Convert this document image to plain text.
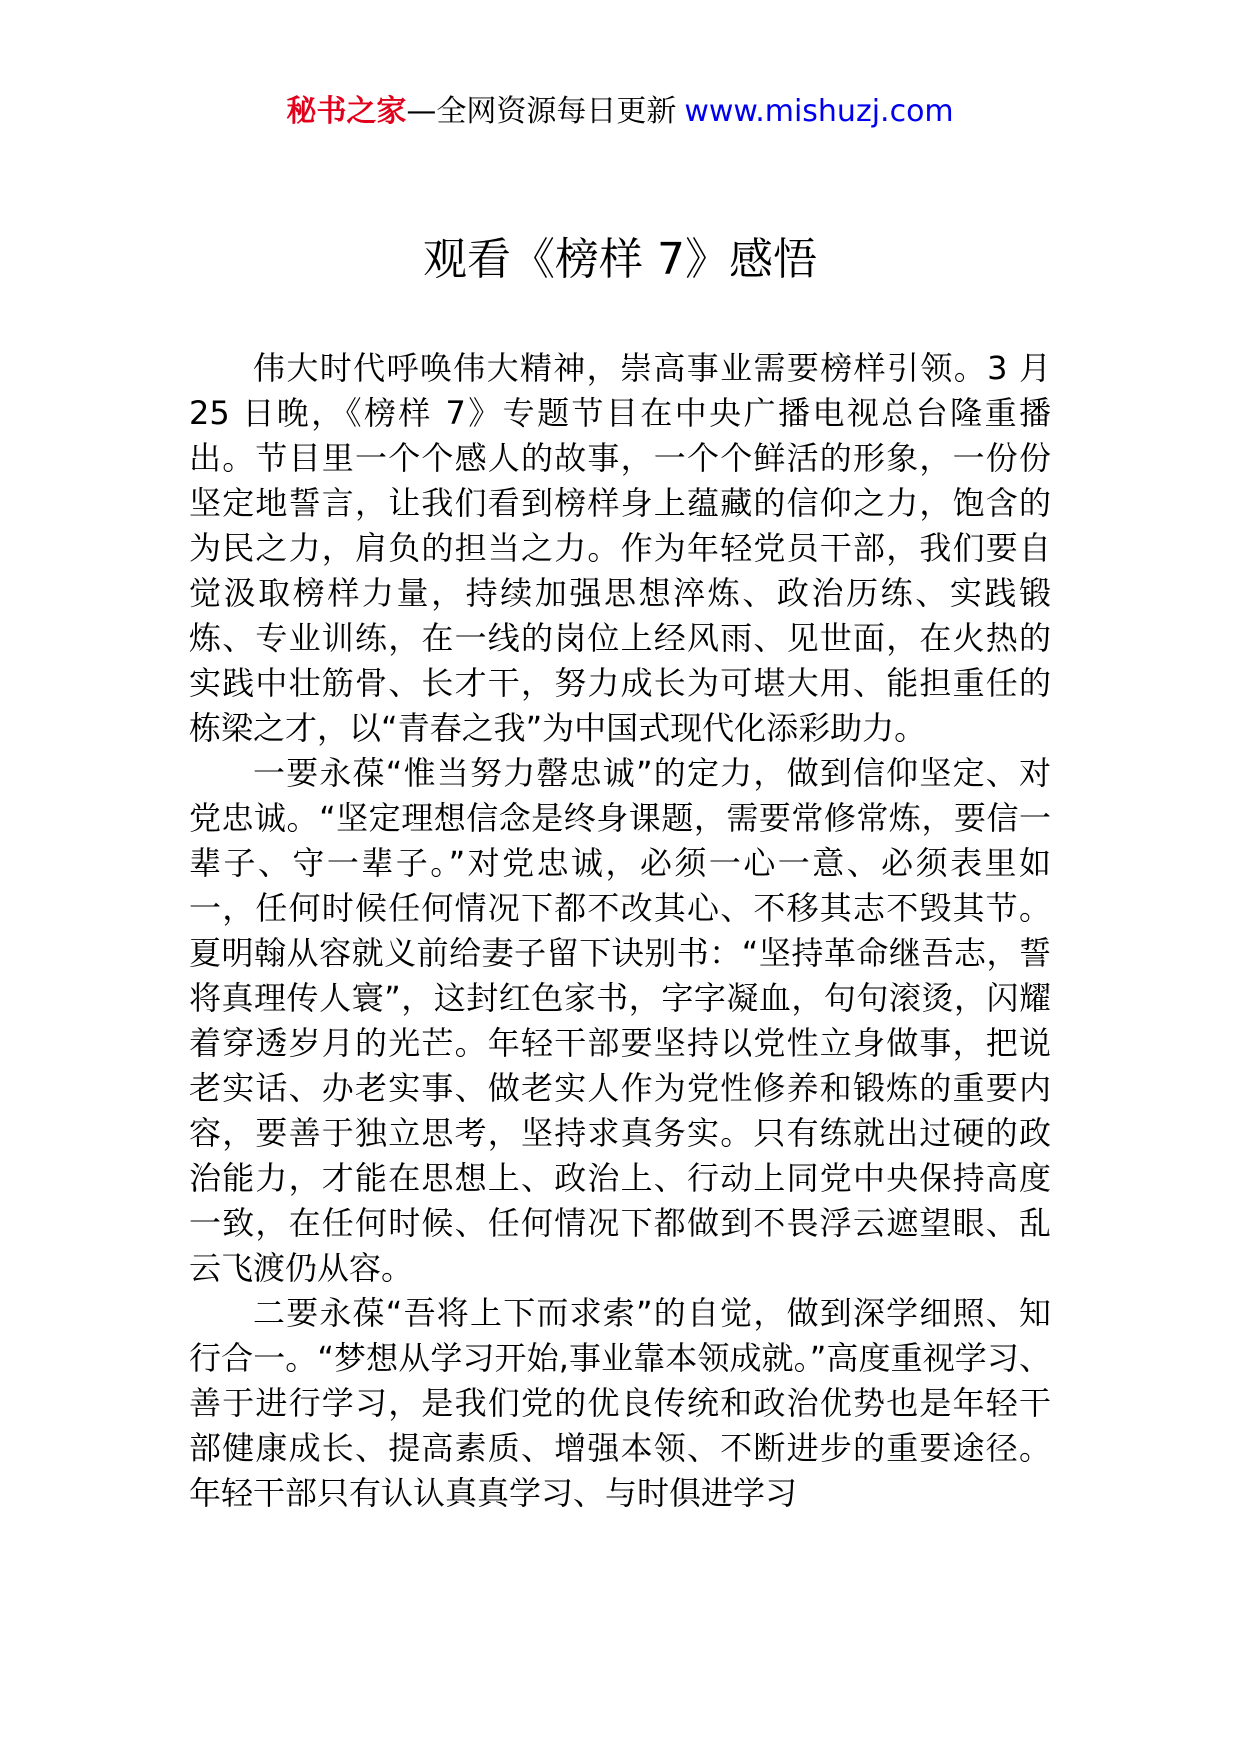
秘书之家—全网资源每日更新 www.mishuzj.com
观看《榜样 7》感悟

伟大时代呼唤伟大精神，崇高事业需要榜样引领。3 月 25 日晚，《榜样 7》专题节目在中央广播电视总台隆重播出。节目里一个个感人的故事，一个个鲜活的形象，一份份坚定地誓言，让我们看到榜样身上蕴藏的信仰之力，饱含的为民之力，肩负的担当之力。作为年轻党员干部，我们要自觉汲取榜样力量，持续加强思想淬炼、政治历练、实践锻炼、专业训练，在一线的岗位上经风雨、见世面，在火热的实践中壮筋骨、长才干，努力成长为可堪大用、能担重任的栋梁之才，以“青春之我”为中国式现代化添彩助力。

一要永葆“惟当努力罄忠诚”的定力，做到信仰坚定、对党忠诚。“坚定理想信念是终身课题，需要常修常炼，要信一辈子、守一辈子。”对党忠诚，必须一心一意、必须表里如一，任何时候任何情况下都不改其心、不移其志不毁其节。夏明翰从容就义前给妻子留下诀别书：“坚持革命继吾志，誓将真理传人寰”，这封红色家书，字字凝血，句句滚烫，闪耀着穿透岁月的光芒。年轻干部要坚持以党性立身做事，把说老实话、办老实事、做老实人作为党性修养和锻炼的重要内容，要善于独立思考，坚持求真务实。只有练就出过硬的政治能力，才能在思想上、政治上、行动上同党中央保持高度一致，在任何时候、任何情况下都做到不畏浮云遮望眼、乱云飞渡仍从容。

二要永葆“吾将上下而求索”的自觉，做到深学细照、知行合一。“梦想从学习开始,事业靠本领成就。”高度重视学习、善于进行学习，是我们党的优良传统和政治优势也是年轻干部健康成长、提高素质、增强本领、不断进步的重要途径。年轻干部只有认认真真学习、与时俱进学习
